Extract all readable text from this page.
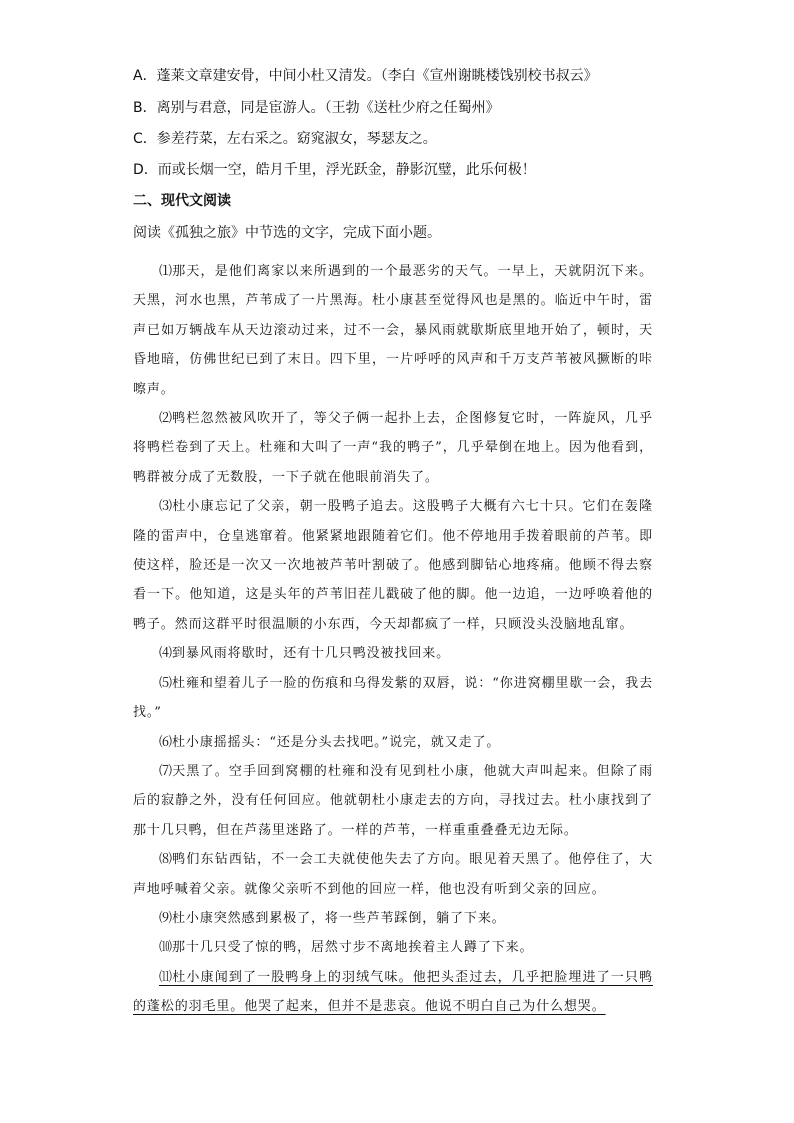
A．蓬莱文章建安骨，中间小杜又清发。（李白《宣州谢眺楼饯别校书叔云》
B．离别与君意，同是宦游人。（王勃《送杜少府之任蜀州》
C．参差荇菜，左右采之。窈窕淑女，琴瑟友之。
D．而或长烟一空，皓月千里，浮光跃金，静影沉璧，此乐何极！
二、现代文阅读
阅读《孤独之旅》中节选的文字，完成下面小题。

⑴那天，是他们离家以来所遇到的一个最恶劣的天气。一早上，天就阴沉下来。天黑，河水也黑，芦苇成了一片黑海。杜小康甚至觉得风也是黑的。临近中午时，雷声已如万辆战车从天边滚动过来，过不一会，暴风雨就歇斯底里地开始了，顿时，天昏地暗，仿佛世纪已到了末日。四下里，一片呼呼的风声和千万支芦苇被风撅断的咔嚓声。

⑵鸭栏忽然被风吹开了，等父子俩一起扑上去，企图修复它时，一阵旋风，几乎将鸭栏卷到了天上。杜雍和大叫了一声“我的鸭子”，几乎晕倒在地上。因为他看到，鸭群被分成了无数股，一下子就在他眼前消失了。

⑶杜小康忘记了父亲，朝一股鸭子追去。这股鸭子大概有六七十只。它们在轰隆隆的雷声中，仓皇逃窜着。他紧紧地跟随着它们。他不停地用手拨着眼前的芦苇。即使这样，脸还是一次又一次地被芦苇叶割破了。他感到脚钻心地疼痛。他顾不得去察看一下。他知道，这是头年的芦苇旧茬儿戳破了他的脚。他一边追，一边呼唤着他的鸭子。然而这群平时很温顺的小东西，今天却都疯了一样，只顾没头没脑地乱窜。

⑷到暴风雨将歇时，还有十几只鸭没被找回来。

⑸杜雍和望着儿子一脸的伤痕和乌得发紫的双唇，说：“你进窝棚里歇一会，我去找。”

⑹杜小康摇摇头：“还是分头去找吧。”说完，就又走了。

⑺天黑了。空手回到窝棚的杜雍和没有见到杜小康，他就大声叫起来。但除了雨后的寂静之外，没有任何回应。他就朝杜小康走去的方向，寻找过去。杜小康找到了那十几只鸭，但在芦荡里迷路了。一样的芦苇，一样重重叠叠无边无际。

⑻鸭们东钻西钻，不一会工夫就使他失去了方向。眼见着天黑了。他停住了，大声地呼喊着父亲。就像父亲听不到他的回应一样，他也没有听到父亲的回应。

⑼杜小康突然感到累极了，将一些芦苇踩倒，躺了下来。

⑽那十几只受了惊的鸭，居然寸步不离地挨着主人蹲了下来。

⑾杜小康闻到了一股鸭身上的羽绒气味。他把头歪过去，几乎把脸埋进了一只鸭的蓬松的羽毛里。他哭了起来，但并不是悲哀。他说不明白自己为什么想哭。
